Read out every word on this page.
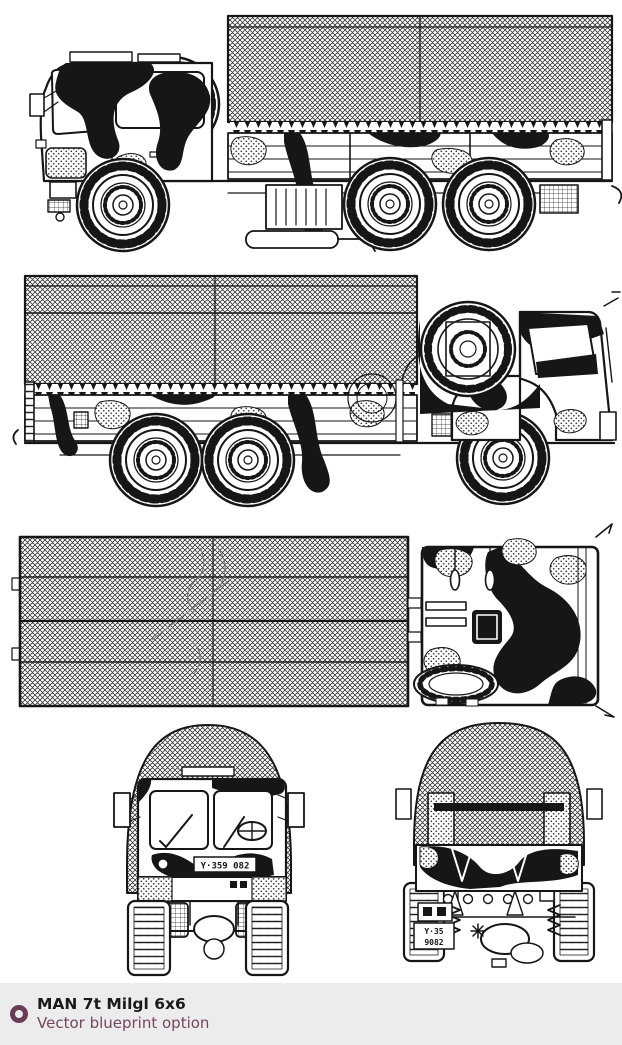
Y·359 082
Y·35
9082
MAN 7t Milgl 6x6
Vector blueprint option
